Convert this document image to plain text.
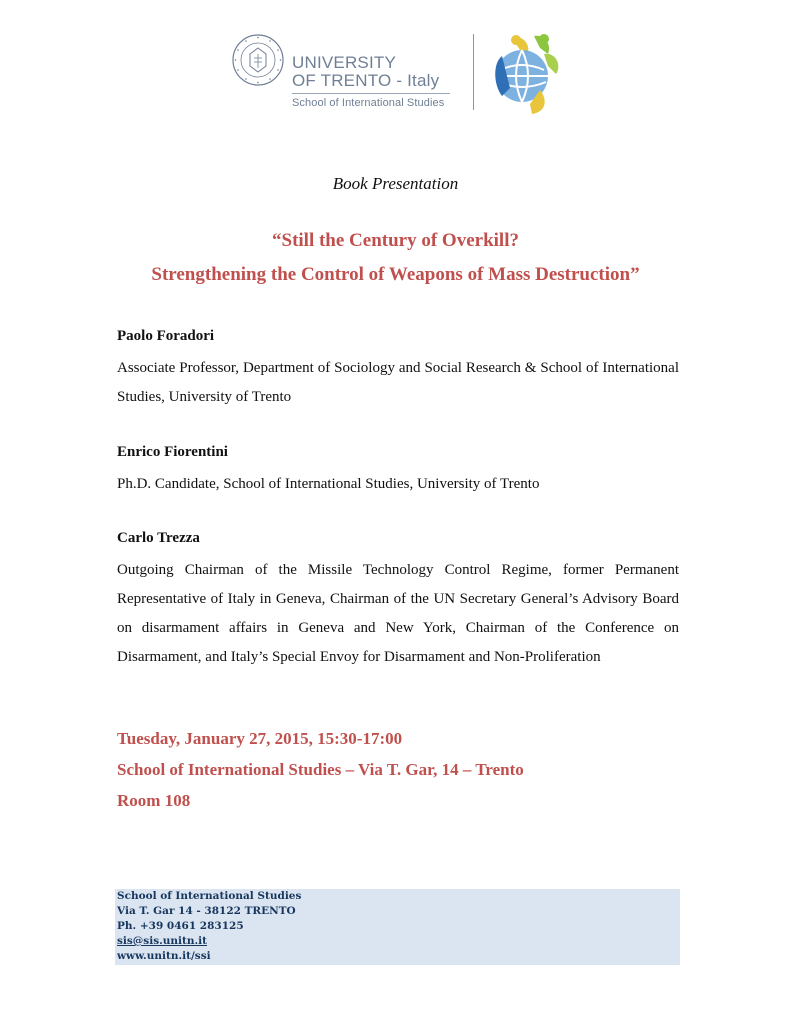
UNIVERSITY
OF TRENTO - Italy
School of International Studies
Book Presentation
“Still the Century of Overkill?
Strengthening the Control of Weapons of Mass Destruction”
Paolo Foradori
Associate Professor, Department of Sociology and Social Research & School of International Studies, University of Trento
Enrico Fiorentini
Ph.D. Candidate, School of International Studies, University of Trento
Carlo Trezza
Outgoing Chairman of the Missile Technology Control Regime, former Permanent Representative of Italy in Geneva, Chairman of the UN Secretary General’s Advisory Board on disarmament affairs in Geneva and New York, Chairman of the Conference on Disarmament, and Italy’s Special Envoy for Disarmament and Non-Proliferation
Tuesday, January 27, 2015, 15:30-17:00
School of International Studies – Via T. Gar, 14 – Trento
Room 108
School of International Studies
Via T. Gar 14 - 38122 TRENTO
Ph. +39 0461 283125
sis@sis.unitn.it
www.unitn.it/ssi
